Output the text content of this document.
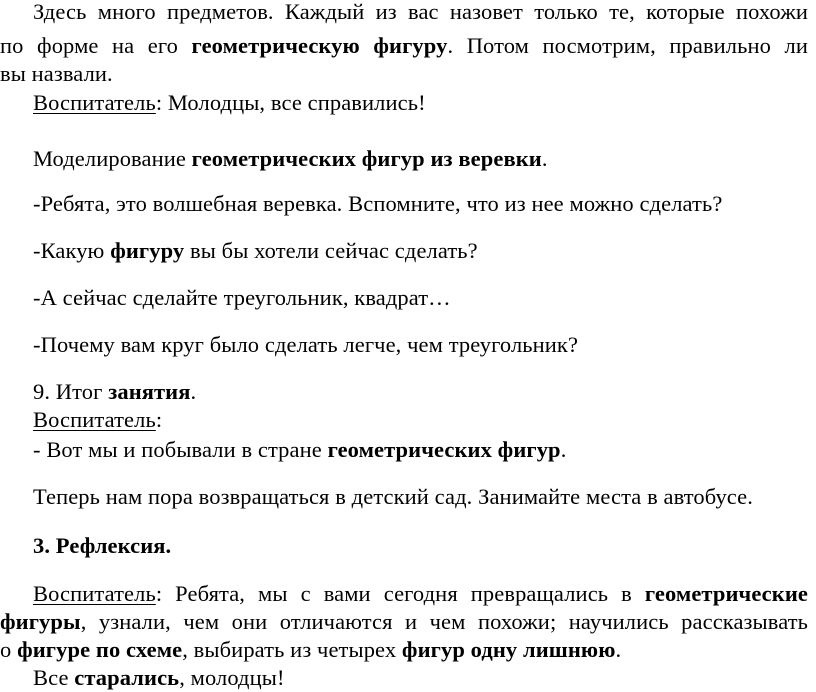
Здесь много предметов. Каждый из вас назовет только те, которые похожи
по форме на его геометрическую фигуру. Потом посмотрим, правильно ли
вы назвали.
Воспитатель: Молодцы, все справились!
Моделирование геометрических фигур из веревки.
-Ребята, это волшебная веревка. Вспомните, что из нее можно сделать?
-Какую фигуру вы бы хотели сейчас сделать?
-А сейчас сделайте треугольник, квадрат…
-Почему вам круг было сделать легче, чем треугольник?
9. Итог занятия.
Воспитатель:
- Вот мы и побывали в стране геометрических фигур.
Теперь нам пора возвращаться в детский сад. Занимайте места в автобусе.
3. Рефлексия.
Воспитатель: Ребята, мы с вами сегодня превращались в геометрические
фигуры, узнали, чем они отличаются и чем похожи; научились рассказывать
о фигуре по схеме, выбирать из четырех фигур одну лишнюю.
Все старались, молодцы!
